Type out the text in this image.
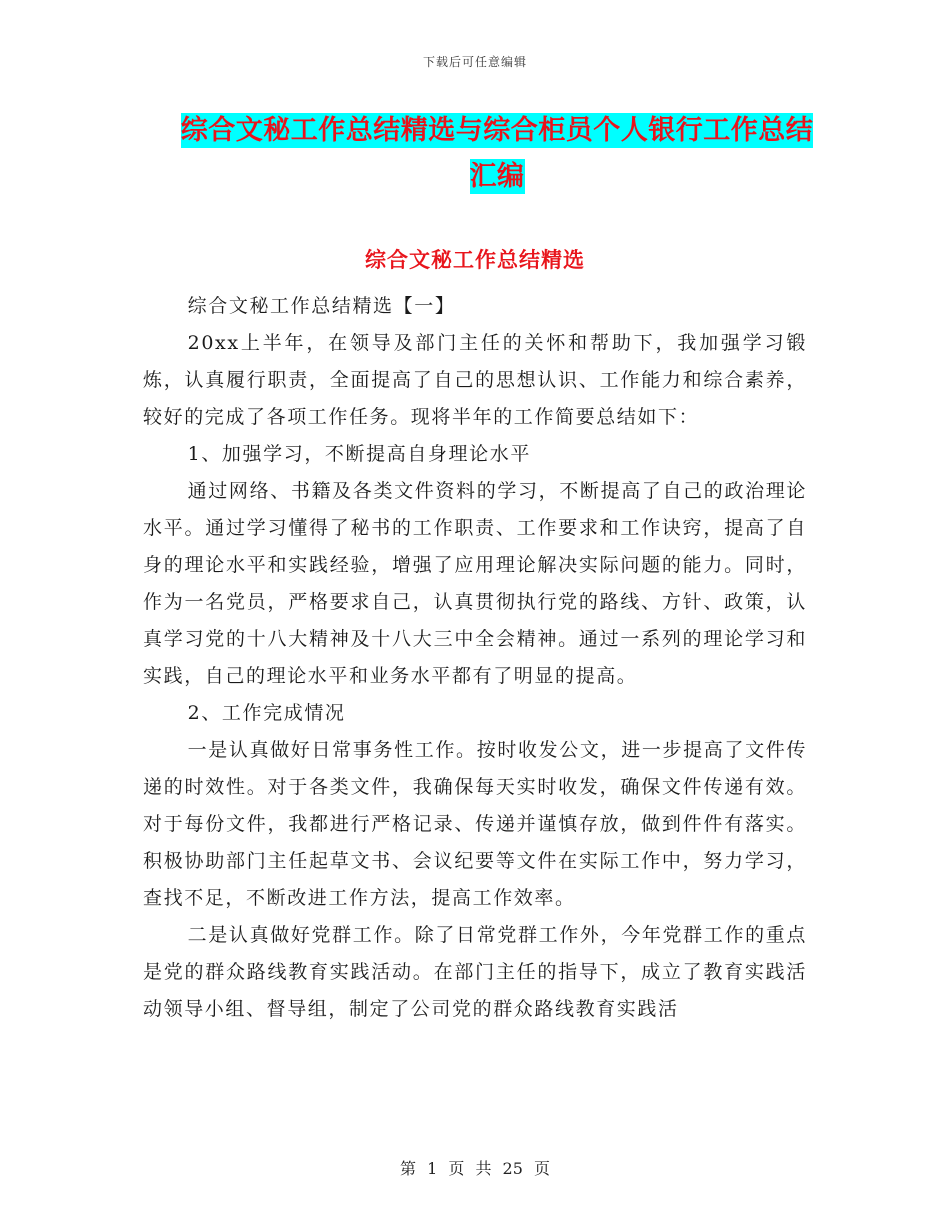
下载后可任意编辑
综合文秘工作总结精选与综合柜员个人银行工作总结汇编
综合文秘工作总结精选

综合文秘工作总结精选【一】

20xx上半年，在领导及部门主任的关怀和帮助下，我加强学习锻炼，认真履行职责，全面提高了自己的思想认识、工作能力和综合素养，较好的完成了各项工作任务。现将半年的工作简要总结如下：

1、加强学习，不断提高自身理论水平

通过网络、书籍及各类文件资料的学习，不断提高了自己的政治理论水平。通过学习懂得了秘书的工作职责、工作要求和工作诀窍，提高了自身的理论水平和实践经验，增强了应用理论解决实际问题的能力。同时，作为一名党员，严格要求自己，认真贯彻执行党的路线、方针、政策，认真学习党的十八大精神及十八大三中全会精神。通过一系列的理论学习和实践，自己的理论水平和业务水平都有了明显的提高。

2、工作完成情况

一是认真做好日常事务性工作。按时收发公文，进一步提高了文件传递的时效性。对于各类文件，我确保每天实时收发，确保文件传递有效。对于每份文件，我都进行严格记录、传递并谨慎存放，做到件件有落实。积极协助部门主任起草文书、会议纪要等文件在实际工作中，努力学习，查找不足，不断改进工作方法，提高工作效率。

二是认真做好党群工作。除了日常党群工作外，今年党群工作的重点是党的群众路线教育实践活动。在部门主任的指导下，成立了教育实践活动领导小组、督导组，制定了公司党的群众路线教育实践活

第 1 页 共 25 页
